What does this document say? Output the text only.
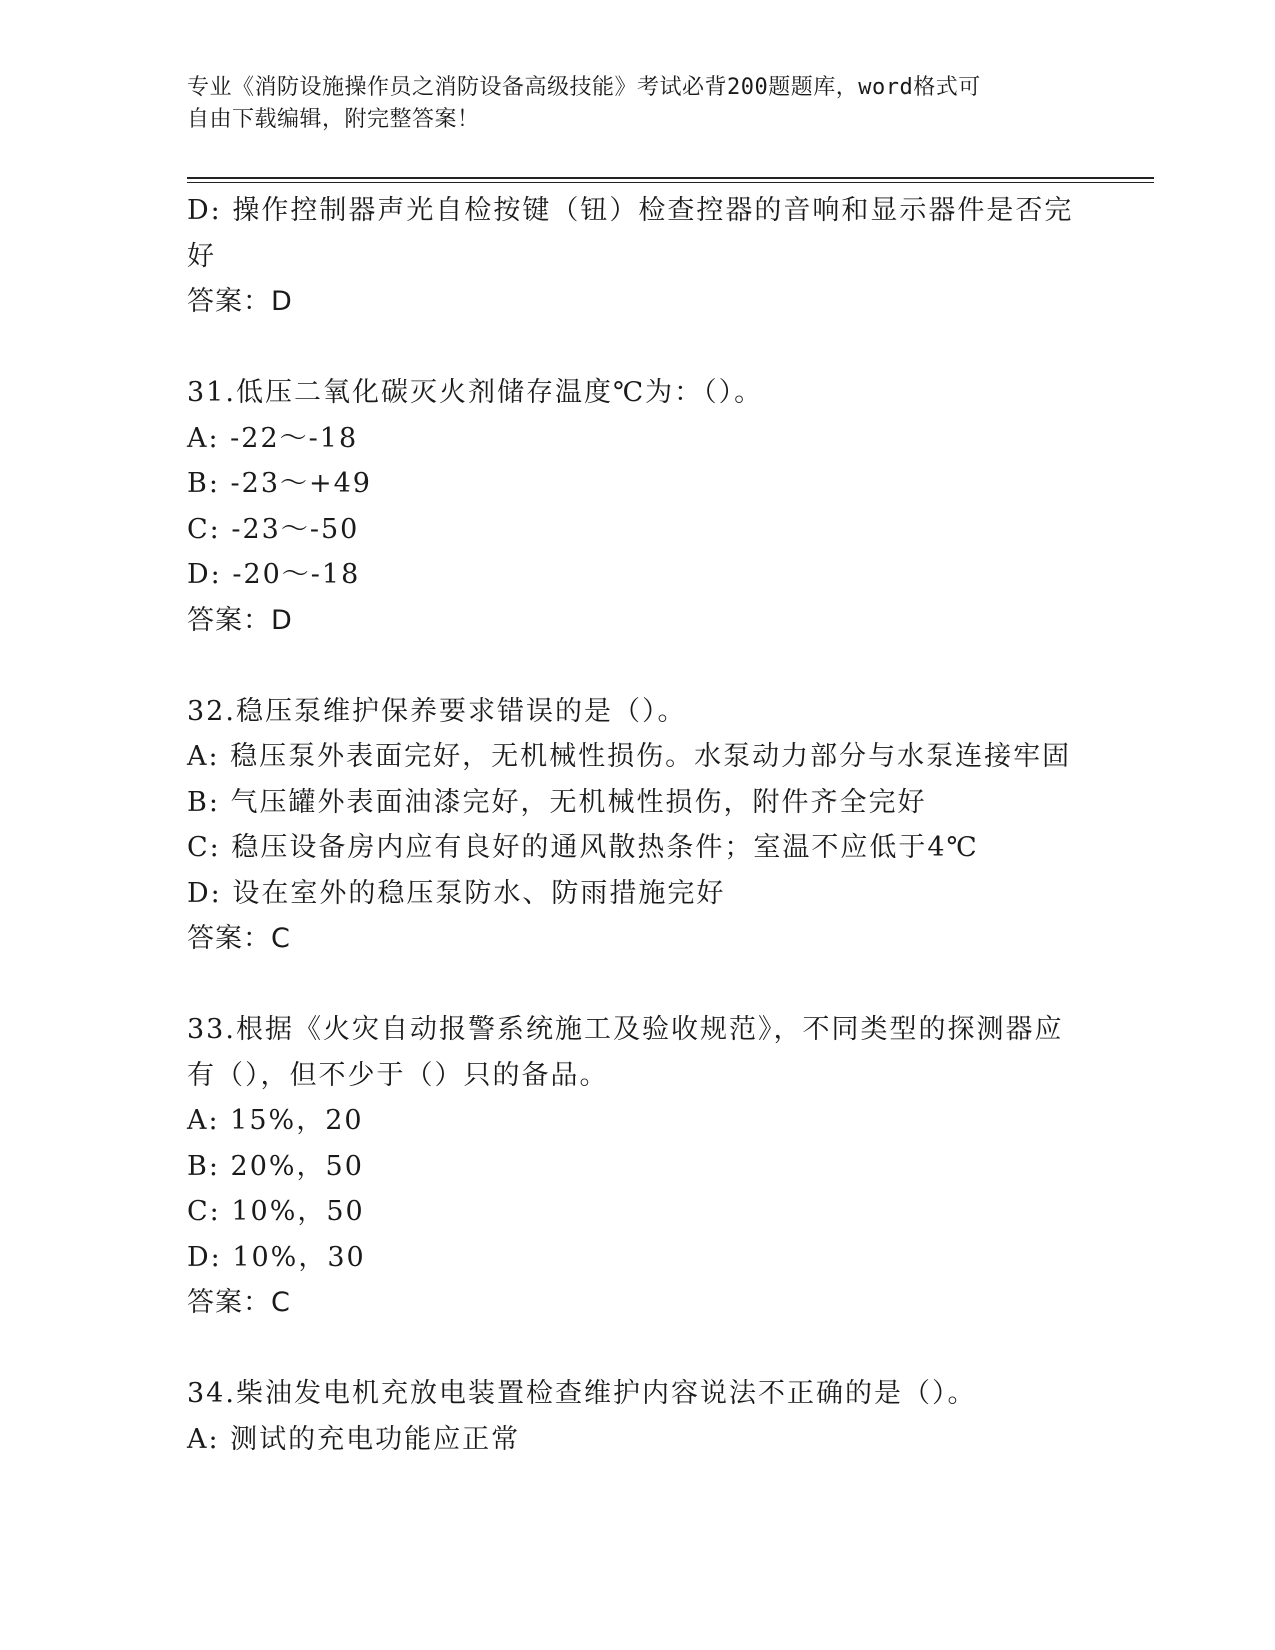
专业《消防设施操作员之消防设备高级技能》考试必背200题题库，word格式可
自由下载编辑，附完整答案！
D: 操作控制器声光自检按键（钮）检查控器的音响和显示器件是否完
好
答案：D
31.低压二氧化碳灭火剂储存温度℃为：（）。
A: -22～-18
B: -23～+49
C: -23～-50
D: -20～-18
答案：D
32.稳压泵维护保养要求错误的是（）。
A: 稳压泵外表面完好，无机械性损伤。水泵动力部分与水泵连接牢固
B: 气压罐外表面油漆完好，无机械性损伤，附件齐全完好
C: 稳压设备房内应有良好的通风散热条件；室温不应低于4℃
D: 设在室外的稳压泵防水、防雨措施完好
答案：C
33.根据《火灾自动报警系统施工及验收规范》，不同类型的探测器应
有（），但不少于（）只的备品。
A: 15%，20
B: 20%，50
C: 10%，50
D: 10%，30
答案：C
34.柴油发电机充放电装置检查维护内容说法不正确的是（）。
A: 测试的充电功能应正常
